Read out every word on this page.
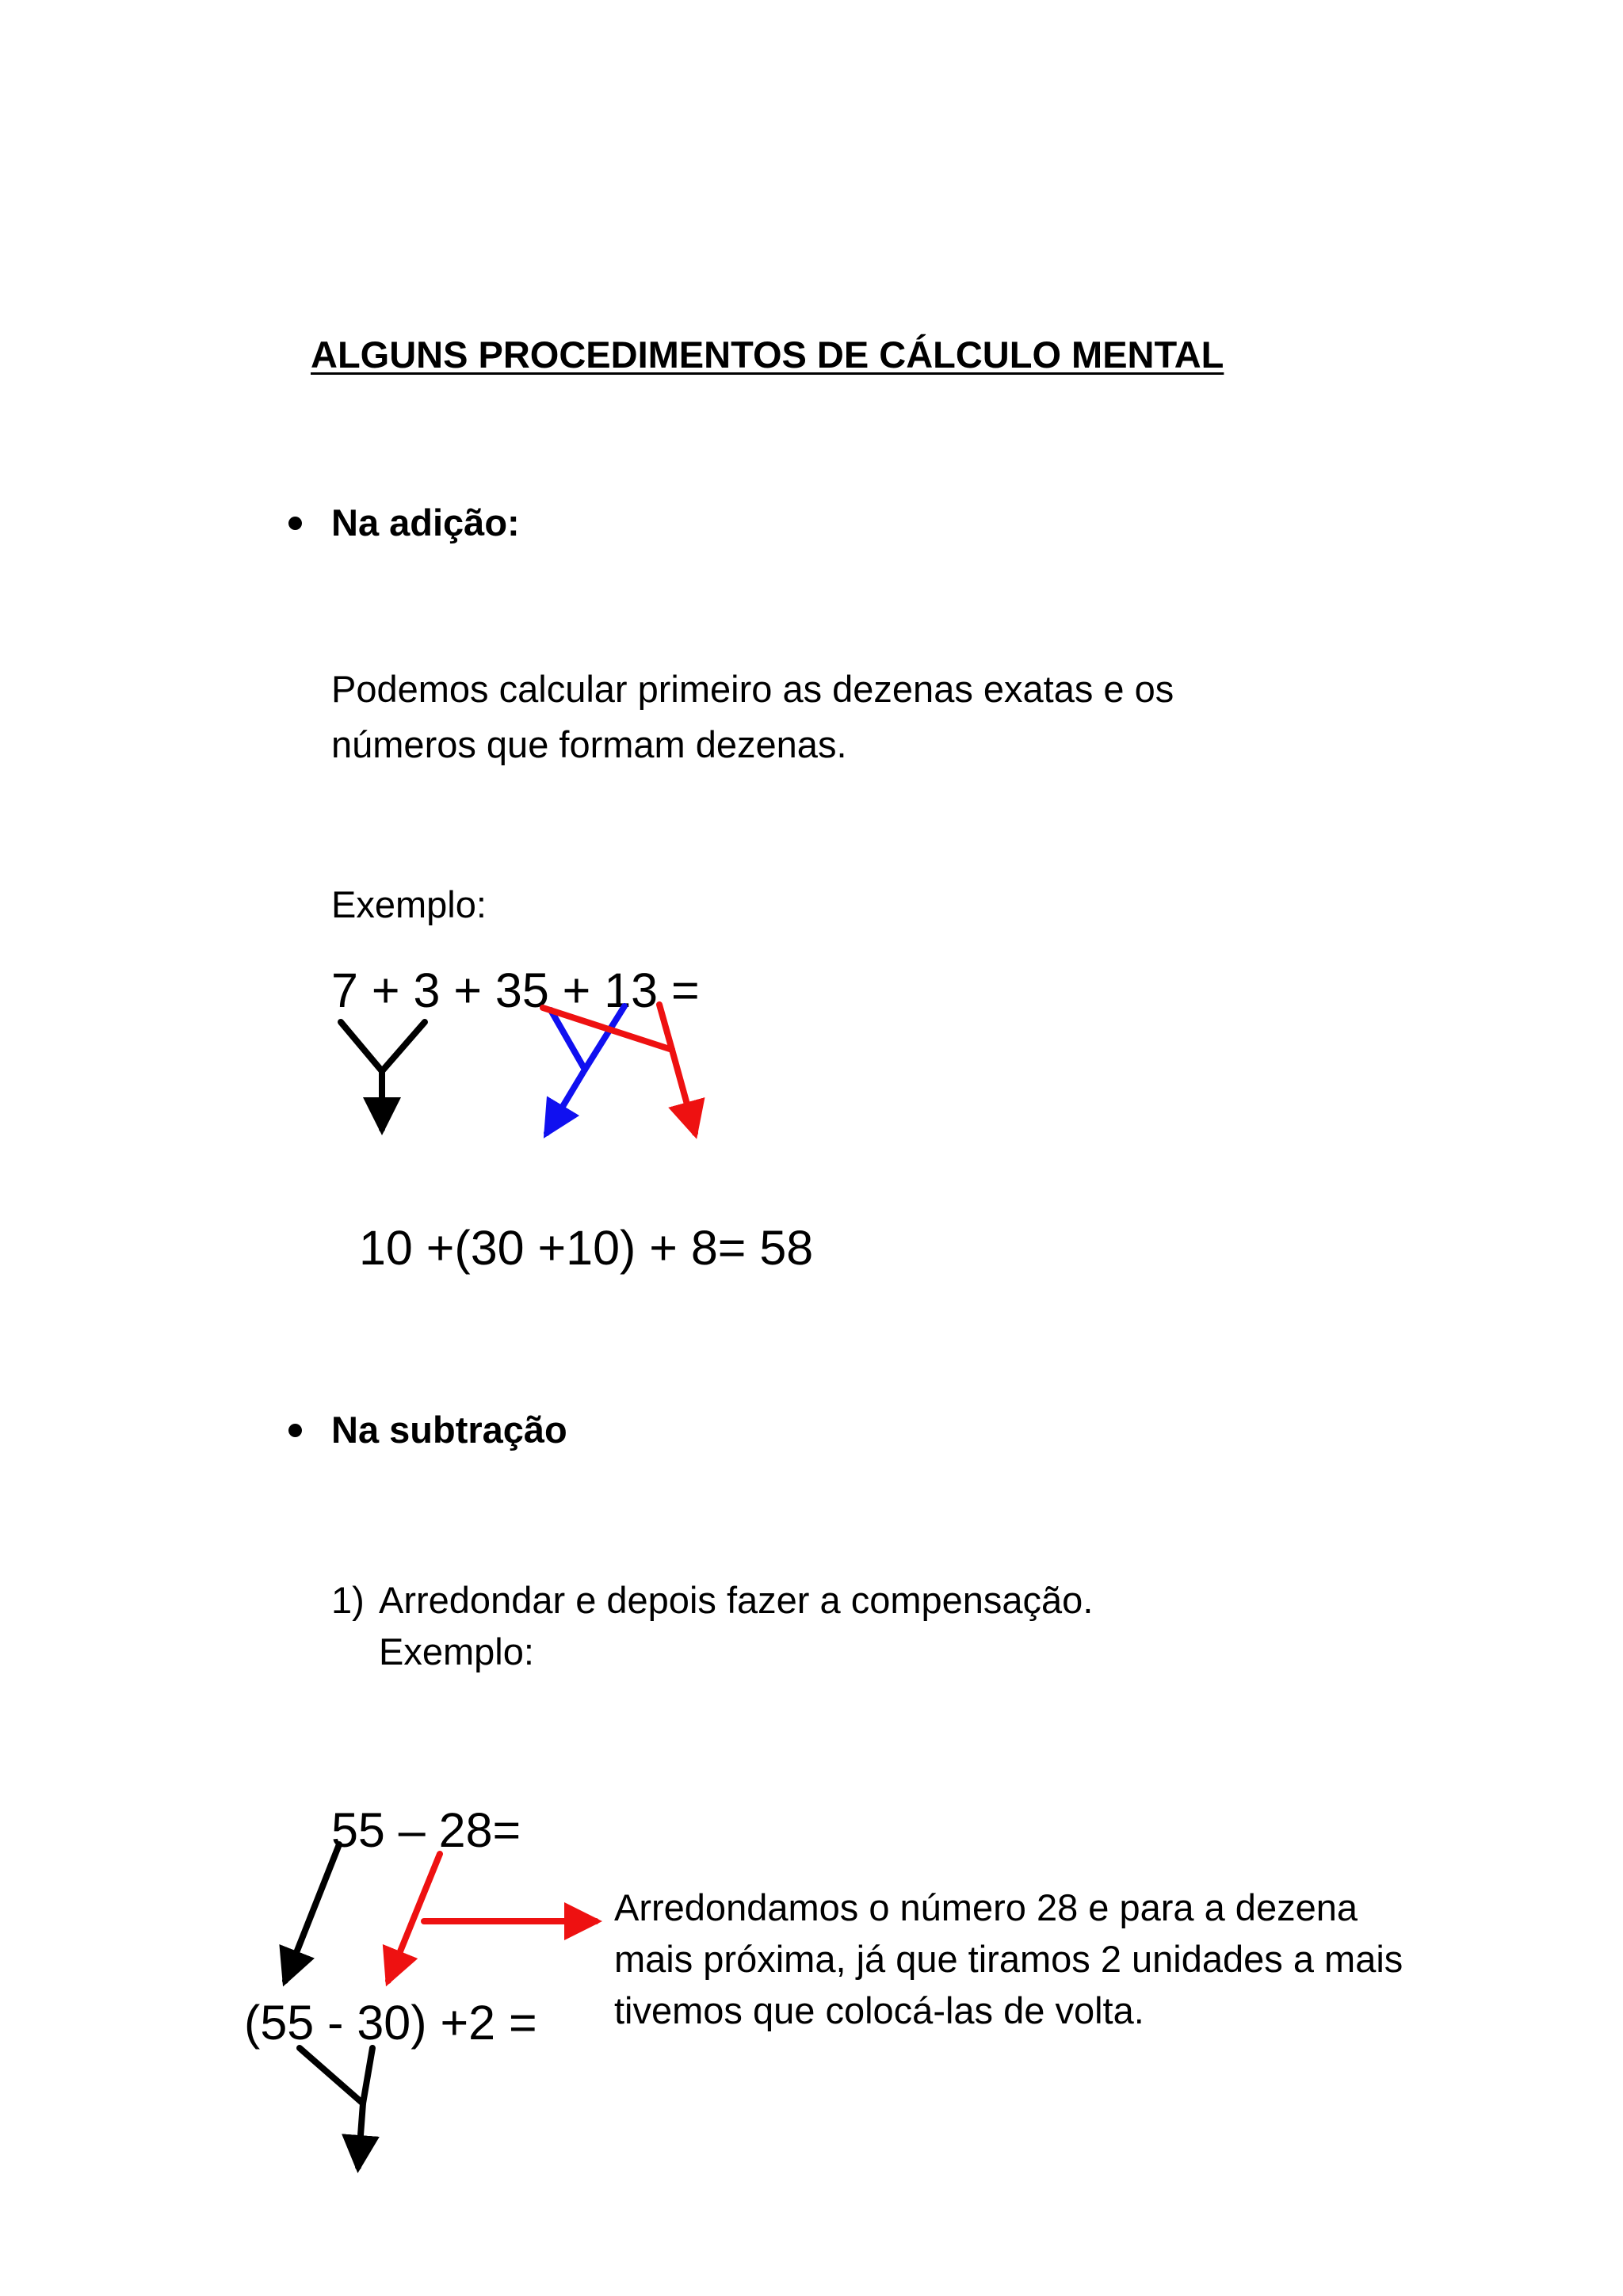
ALGUNS PROCEDIMENTOS DE CÁLCULO MENTAL
Na adição:
Podemos calcular primeiro as dezenas exatas e os
números que formam dezenas.
Exemplo:
7 + 3 + 35 + 13 =
10 +(30 +10) + 8= 58
Na subtração
1) Arredondar e depois fazer a compensação.
Exemplo:
55 – 28=
(55 - 30) +2 =
Arredondamos o número 28 e para a dezena
mais próxima, já que tiramos 2 unidades a mais
tivemos que colocá-las de volta.
